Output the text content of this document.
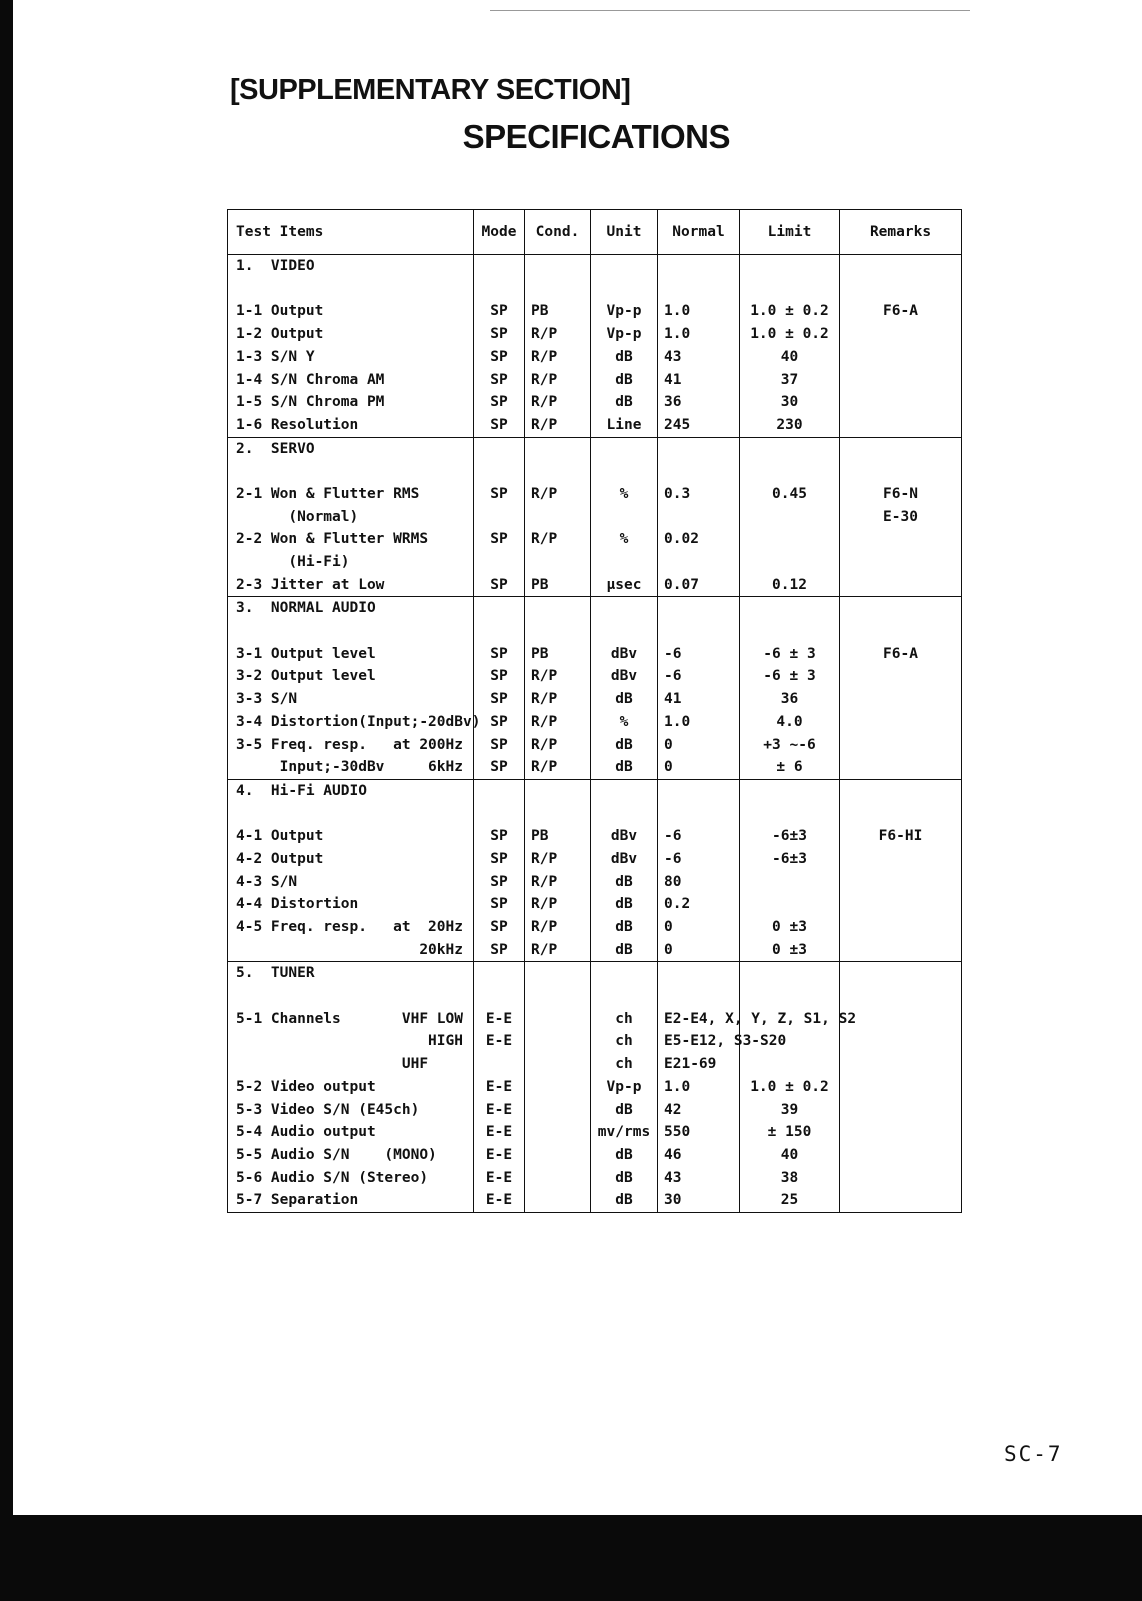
[SUPPLEMENTARY SECTION]
SPECIFICATIONS
Test Items	Mode	Cond.	Unit	Normal	Limit	Remarks
1.  VIDEO						

1-1 Output	SP	PB	Vp-p	1.0	1.0 ± 0.2	F6-A
1-2 Output	SP	R/P	Vp-p	1.0	1.0 ± 0.2	
1-3 S/N Y	SP	R/P	dB	43	40	
1-4 S/N Chroma AM	SP	R/P	dB	41	37	
1-5 S/N Chroma PM	SP	R/P	dB	36	30	
1-6 Resolution	SP	R/P	Line	245	230	
2.  SERVO						

2-1 Won & Flutter RMS	SP	R/P	%	0.3	0.45	F6-N
(Normal)						E-30
2-2 Won & Flutter WRMS	SP	R/P	%	0.02		
(Hi-Fi)						
2-3 Jitter at Low	SP	PB	μsec	0.07	0.12	
3.  NORMAL AUDIO						

3-1 Output level	SP	PB	dBv	-6	-6 ± 3	F6-A
3-2 Output level	SP	R/P	dBv	-6	-6 ± 3	
3-3 S/N	SP	R/P	dB	41	36	
3-4 Distortion(Input;-20dBv)	SP	R/P	%	1.0	4.0	
3-5 Freq. resp.   at 200Hz	SP	R/P	dB	0	+3 ~-6	
Input;-30dBv     6kHz	SP	R/P	dB	0	± 6	
4.  Hi-Fi AUDIO						

4-1 Output	SP	PB	dBv	-6	-6±3	F6-HI
4-2 Output	SP	R/P	dBv	-6	-6±3	
4-3 S/N	SP	R/P	dB	80		
4-4 Distortion	SP	R/P	dB	0.2		
4-5 Freq. resp.   at  20Hz	SP	R/P	dB	0	0 ±3	
20kHz	SP	R/P	dB	0	0 ±3	
5.  TUNER						

5-1 Channels       VHF LOW	E-E		ch	E2-E4, X, Y, Z, S1, S2		
HIGH	E-E		ch	E5-E12, S3-S20		
UHF			ch	E21-69		
5-2 Video output	E-E		Vp-p	1.0	1.0 ± 0.2	
5-3 Video S/N (E45ch)	E-E		dB	42	39	
5-4 Audio output	E-E		mv/rms	550	± 150	
5-5 Audio S/N    (MONO)	E-E		dB	46	40	
5-6 Audio S/N (Stereo)	E-E		dB	43	38	
5-7 Separation	E-E		dB	30	25	
SC-7
